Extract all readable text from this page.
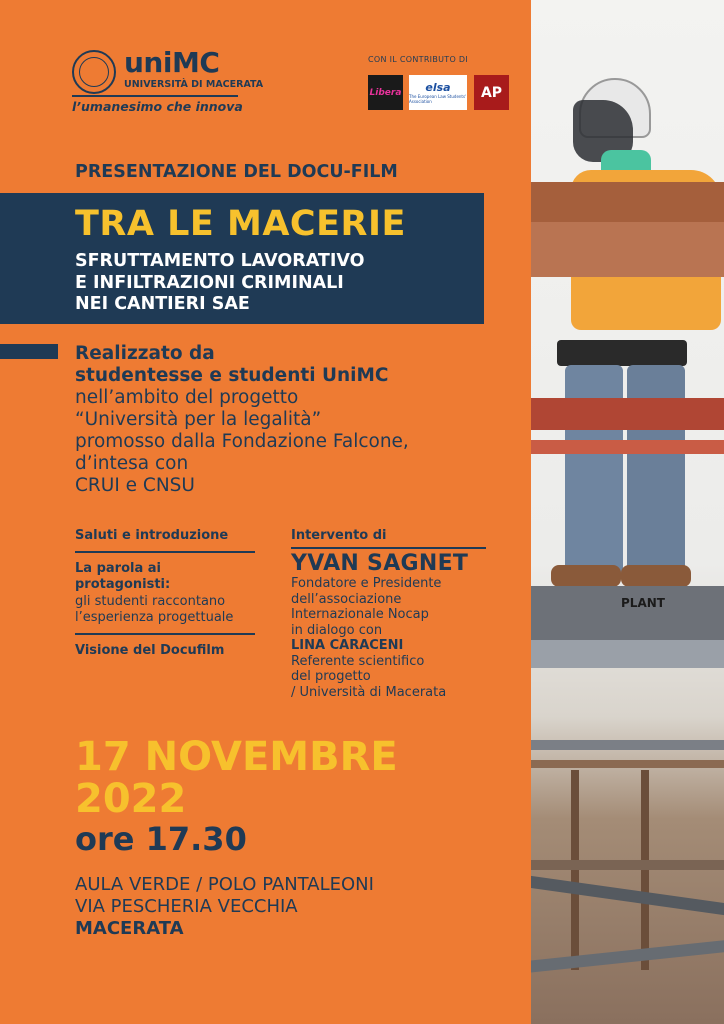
PLANT
uniMC
UNIVERSITÀ DI MACERATA
l’umanesimo che innova
CON IL CONTRIBUTO DI
Libera elsa
The European Law Students' Association
AP
PRESENTAZIONE DEL DOCU-FILM
TRA LE MACERIE
SFRUTTAMENTO LAVORATIVO
E INFILTRAZIONI CRIMINALI
NEI CANTIERI SAE
Realizzato da
studentesse e studenti UniMC
nell’ambito del progetto
“Università per la legalità”
promosso dalla Fondazione Falcone,
d’intesa con
CRUI e CNSU
Saluti e introduzione
La parola ai protagonisti:
gli studenti raccontano l’esperienza progettuale
Visione del Docufilm
Intervento di
YVAN SAGNET
Fondatore e Presidente
dell’associazione
Internazionale Nocap
in dialogo con
LINA CARACENI
Referente scientifico
del progetto
/ Università di Macerata
17 NOVEMBRE
2022
ore 17.30
AULA VERDE / POLO PANTALEONI
VIA PESCHERIA VECCHIA
MACERATA
